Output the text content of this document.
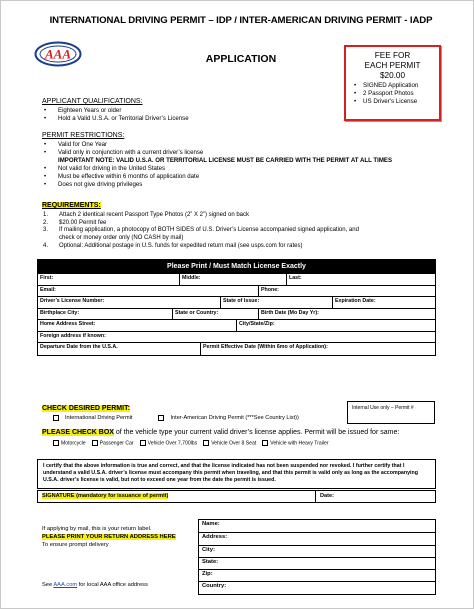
INTERNATIONAL DRIVING PERMIT – IDP / INTER-AMERICAN DRIVING PERMIT - IADP
AAA	APPLICATION	FEE FOR
EACH PERMIT
$20.00
• SIGNED Application
• 2 Passport Photos
• US Driver's License
APPLICANT QUALIFICATIONS:
• Eighteen Years or older
• Hold a Valid U.S.A. or Territorial Driver’s License
PERMIT RESTRICTIONS:
• Valid for One Year
• Valid only in conjunction with a current driver’s license
IMPORTANT NOTE: VALID U.S.A. OR TERRITORIAL LICENSE MUST BE CARRIED WITH THE PERMIT AT ALL TIMES
• Not valid for driving in the United States
• Must be effective within 6 months of application date
• Does not give driving privileges
REQUIREMENTS:
1. Attach 2 identical recent Passport Type Photos (2” X 2”) signed on back
2. $20.00 Permit fee
3. If mailing application, a photocopy of BOTH SIDES of U.S. Driver’s License accompanied signed application, and
check or money order only (NO CASH by mail)
4. Optional: Additional postage in U.S. funds for expedited return mail (see usps.com for rates)
Please Print / Must Match License Exactly
First:	Middle:	Last:
Email:	Phone:
Driver’s License Number:	State of Issue:	Expiration Date:
Birthplace City:	State or Country:	Birth Date (Mo Day Yr):
Home Address Street:	City/State/Zip:
Foreign address if known:
Departure Date from the U.S.A.	Permit Effective Date (Within 6mo of Application):
CHECK DESIRED PERMIT:
International Driving Permit	Inter-American Driving Permit (***See Country List))
Internal Use only – Permit #
PLEASE CHECK BOX of the vehicle type your current valid driver’s license applies. Permit will be issued for same:
Motorcycle	Passenger Car	Vehicle Over 7,700lbs	Vehicle Over 8 Seat	Vehicle with Heavy Trailer
I certify that the above information is true and correct, and that the license indicated has not been suspended nor revoked. I further certify that I understand a valid U.S.A. driver’s license must accompany this permit when traveling, and that this permit is valid only as long as the accompanying U.S.A. driver’s license is valid, but not to exceed one year from the date the permit is issued.
SIGNATURE (mandatory for issuance of permit)	Date:
If applying by mail, this is your return label.
PLEASE PRINT YOUR RETURN ADDRESS HERE
To ensure prompt delivery
Name:
Address:
City:
State:
Zip:
Country:
See AAA.com for local AAA office address
